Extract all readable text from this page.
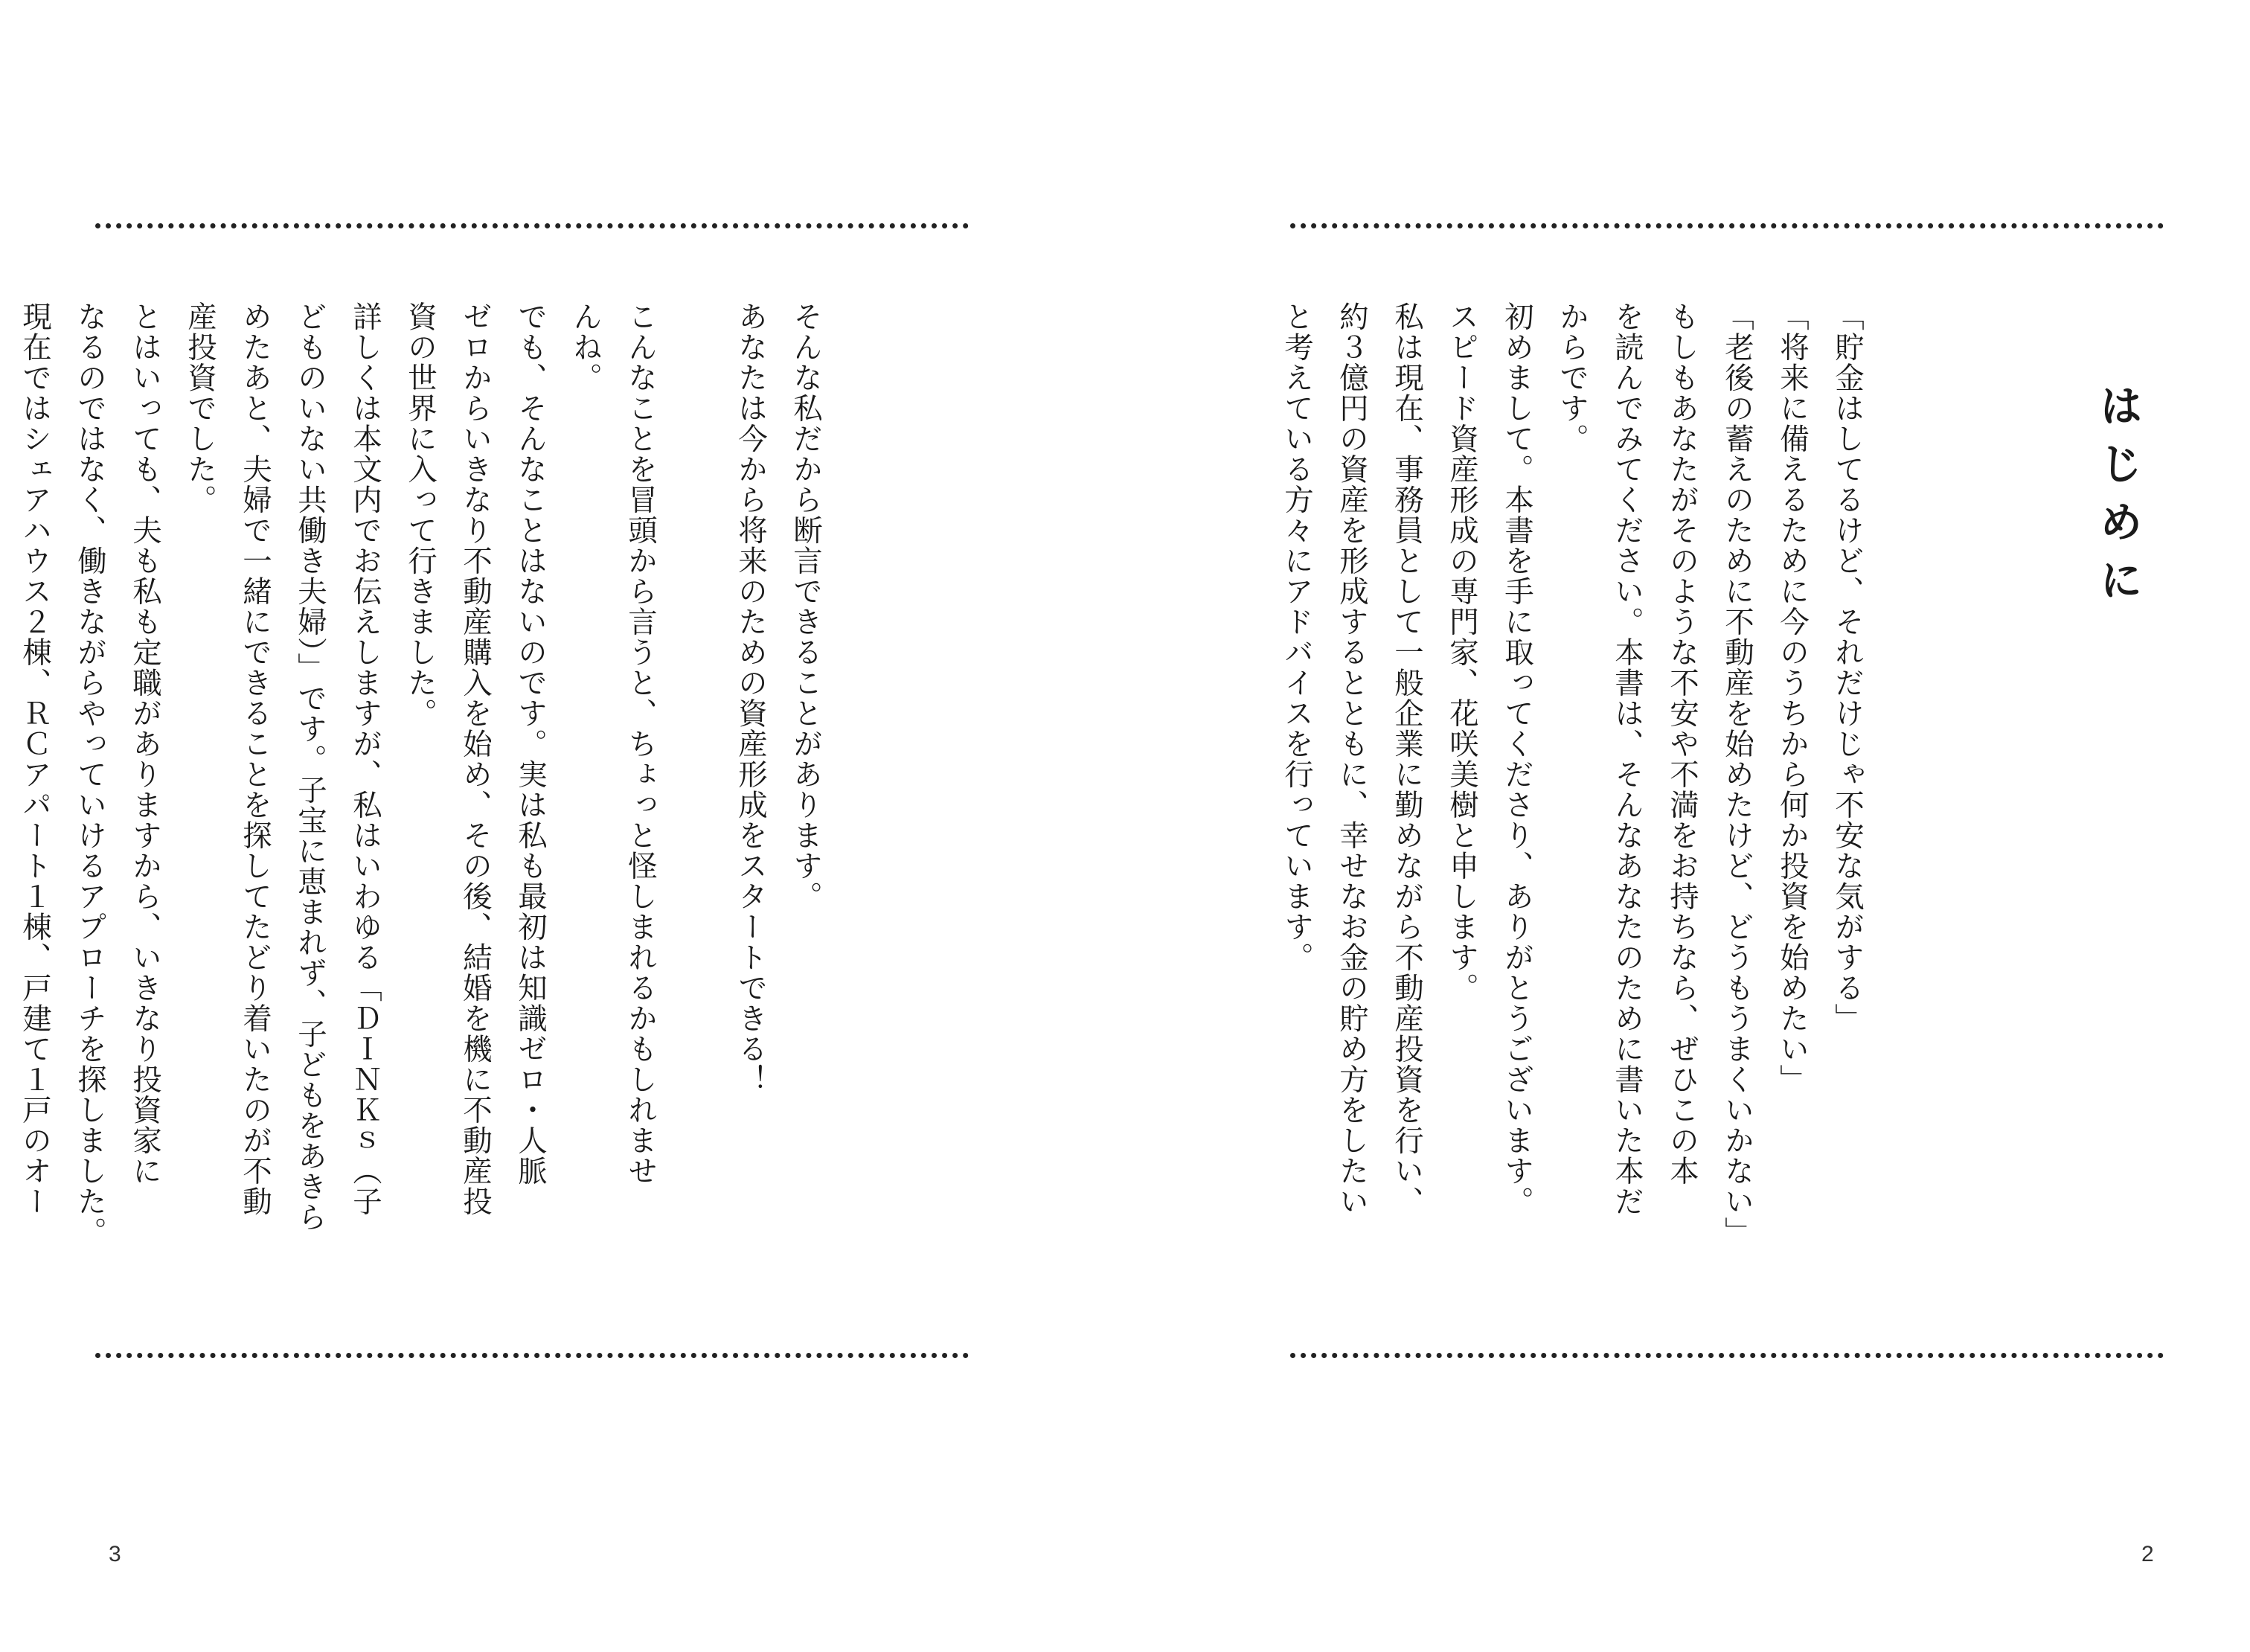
そんな私だから断言できることがあります。
あなたは今から将来のための資産形成をスタートできる！

こんなことを冒頭から言うと、ちょっと怪しまれるかもしれませ
んね。
でも、そんなことはないのです。実は私も最初は知識ゼロ・人脈
ゼロからいきなり不動産購入を始め、その後、結婚を機に不動産投
資の世界に入って行きました。
詳しくは本文内でお伝えしますが、私はいわゆる「ＤＩＮＫｓ（子
どものいない共働き夫婦）」です。子宝に恵まれず、子どもをあきら
めたあと、夫婦で一緒にできることを探してたどり着いたのが不動
産投資でした。
とはいっても、夫も私も定職がありますから、いきなり投資家に
なるのではなく、働きながらやっていけるアプローチを探しました。
現在ではシェアハウス２棟、ＲＣアパート１棟、戸建て１戸のオー

3
はじめに
「貯金はしてるけど、それだけじゃ不安な気がする」
「将来に備えるために今のうちから何か投資を始めたい」
「老後の蓄えのために不動産を始めたけど、どうもうまくいかない」
もしもあなたがそのような不安や不満をお持ちなら、ぜひこの本
を読んでみてください。本書は、そんなあなたのために書いた本だ
からです。
初めまして。本書を手に取ってくださり、ありがとうございます。
スピード資産形成の専門家、花咲美樹と申します。
私は現在、事務員として一般企業に勤めながら不動産投資を行い、
約３億円の資産を形成するとともに、幸せなお金の貯め方をしたい
と考えている方々にアドバイスを行っています。
2
